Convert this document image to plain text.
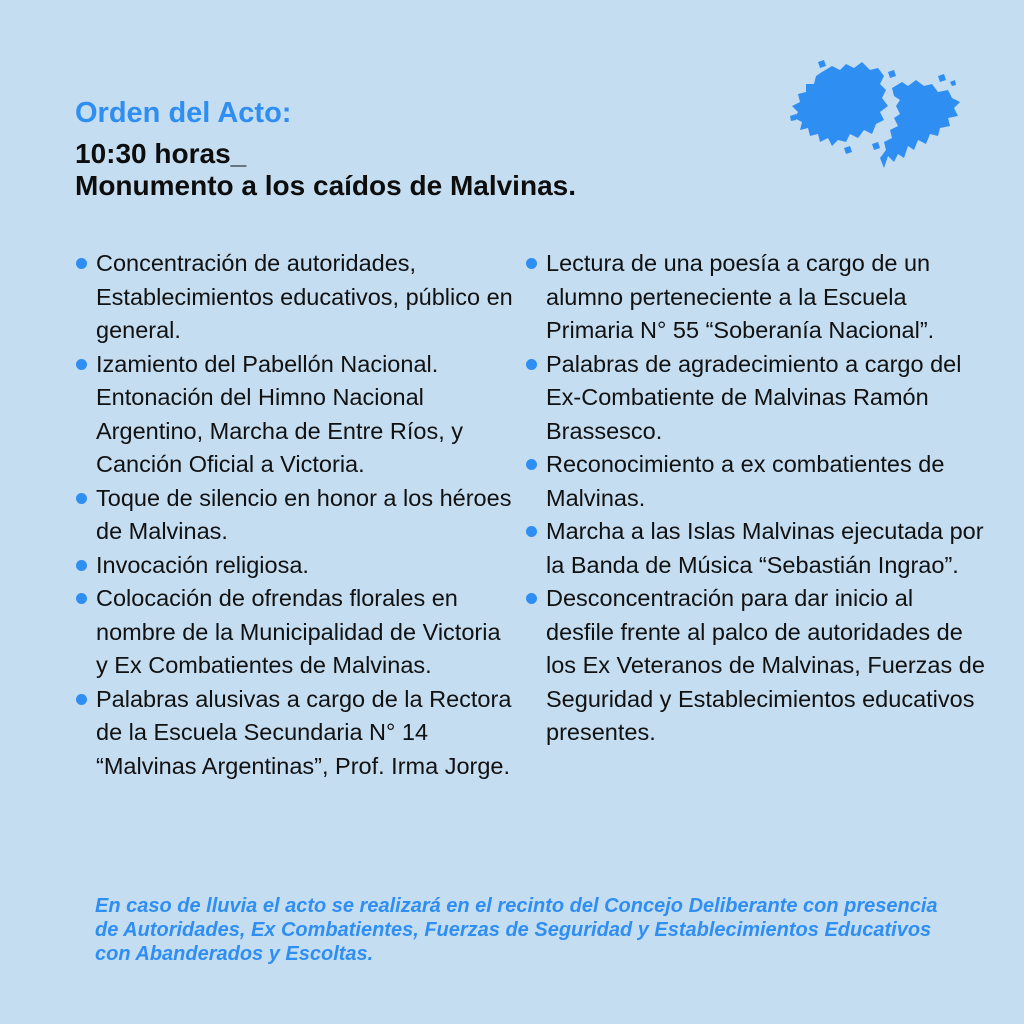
Orden del Acto:
10:30 horas_
Monumento a los caídos de Malvinas.
Concentración de autoridades, Establecimientos educativos, público en general.
Izamiento del Pabellón Nacional. Entonación del Himno Nacional Argentino, Marcha de Entre Ríos, y Canción Oficial a Victoria.
Toque de silencio en honor a los héroes de Malvinas.
Invocación religiosa.
Colocación de ofrendas florales en nombre de la Municipalidad de Victoria y Ex Combatientes de Malvinas.
Palabras alusivas a cargo de la Rectora de la Escuela Secundaria N° 14 “Malvinas Argentinas”, Prof. Irma Jorge.
Lectura de una poesía a cargo de un alumno perteneciente a la Escuela Primaria N° 55 “Soberanía Nacional”.
Palabras de agradecimiento a cargo del Ex-Combatiente de Malvinas Ramón Brassesco.
Reconocimiento a ex combatientes de Malvinas.
Marcha a las Islas Malvinas ejecutada por la Banda de Música “Sebastián Ingrao”.
Desconcentración para dar inicio al desfile frente al palco de autoridades de los Ex Veteranos de Malvinas, Fuerzas de Seguridad y Establecimientos educativos presentes.

En caso de lluvia el acto se realizará en el recinto del Concejo Deliberante con presencia de Autoridades, Ex Combatientes, Fuerzas de Seguridad y Establecimientos Educativos con Abanderados y Escoltas.
